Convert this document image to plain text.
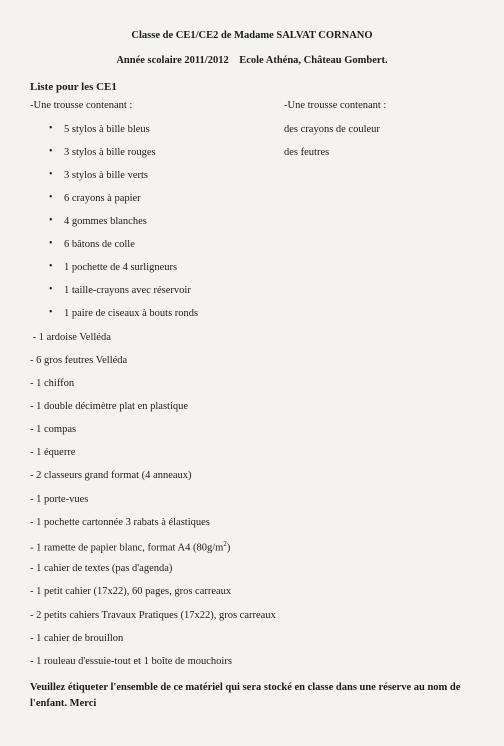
Classe de CE1/CE2 de Madame SALVAT CORNANO
Année scolaire 2011/2012    Ecole Athéna, Château Gombert.
Liste pour les CE1
-Une trousse contenant :
• 5 stylos à bille bleus
• 3 stylos à bille rouges
• 3 stylos à bille verts
• 6 crayons à papier
• 4 gommes blanches
• 6 bâtons de colle
• 1 pochette de 4 surligneurs
• 1 taille-crayons avec réservoir
• 1 paire de ciseaux à bouts ronds
-Une trousse contenant :
des crayons de couleur
des feutres
- 1 ardoise Velléda
- 6 gros feutres Velléda
- 1 chiffon
- 1 double décimètre plat en plastique
- 1 compas
- 1 équerre
- 2 classeurs grand format (4 anneaux)
- 1 porte-vues
- 1 pochette cartonnée 3 rabats à élastiques
- 1 ramette de papier blanc, format A4 $(80g/m^2)$
- 1 cahier de textes (pas d'agenda)
- 1 petit cahier (17x22), 60 pages, gros carreaux
- 2 petits cahiers Travaux Pratiques (17x22), gros carreaux
- 1 cahier de brouillon
- 1 rouleau d'essuie-tout et 1 boîte de mouchoirs
Veuillez étiqueter l'ensemble de ce matériel qui sera stocké en classe dans une réserve au nom de l'enfant. Merci
